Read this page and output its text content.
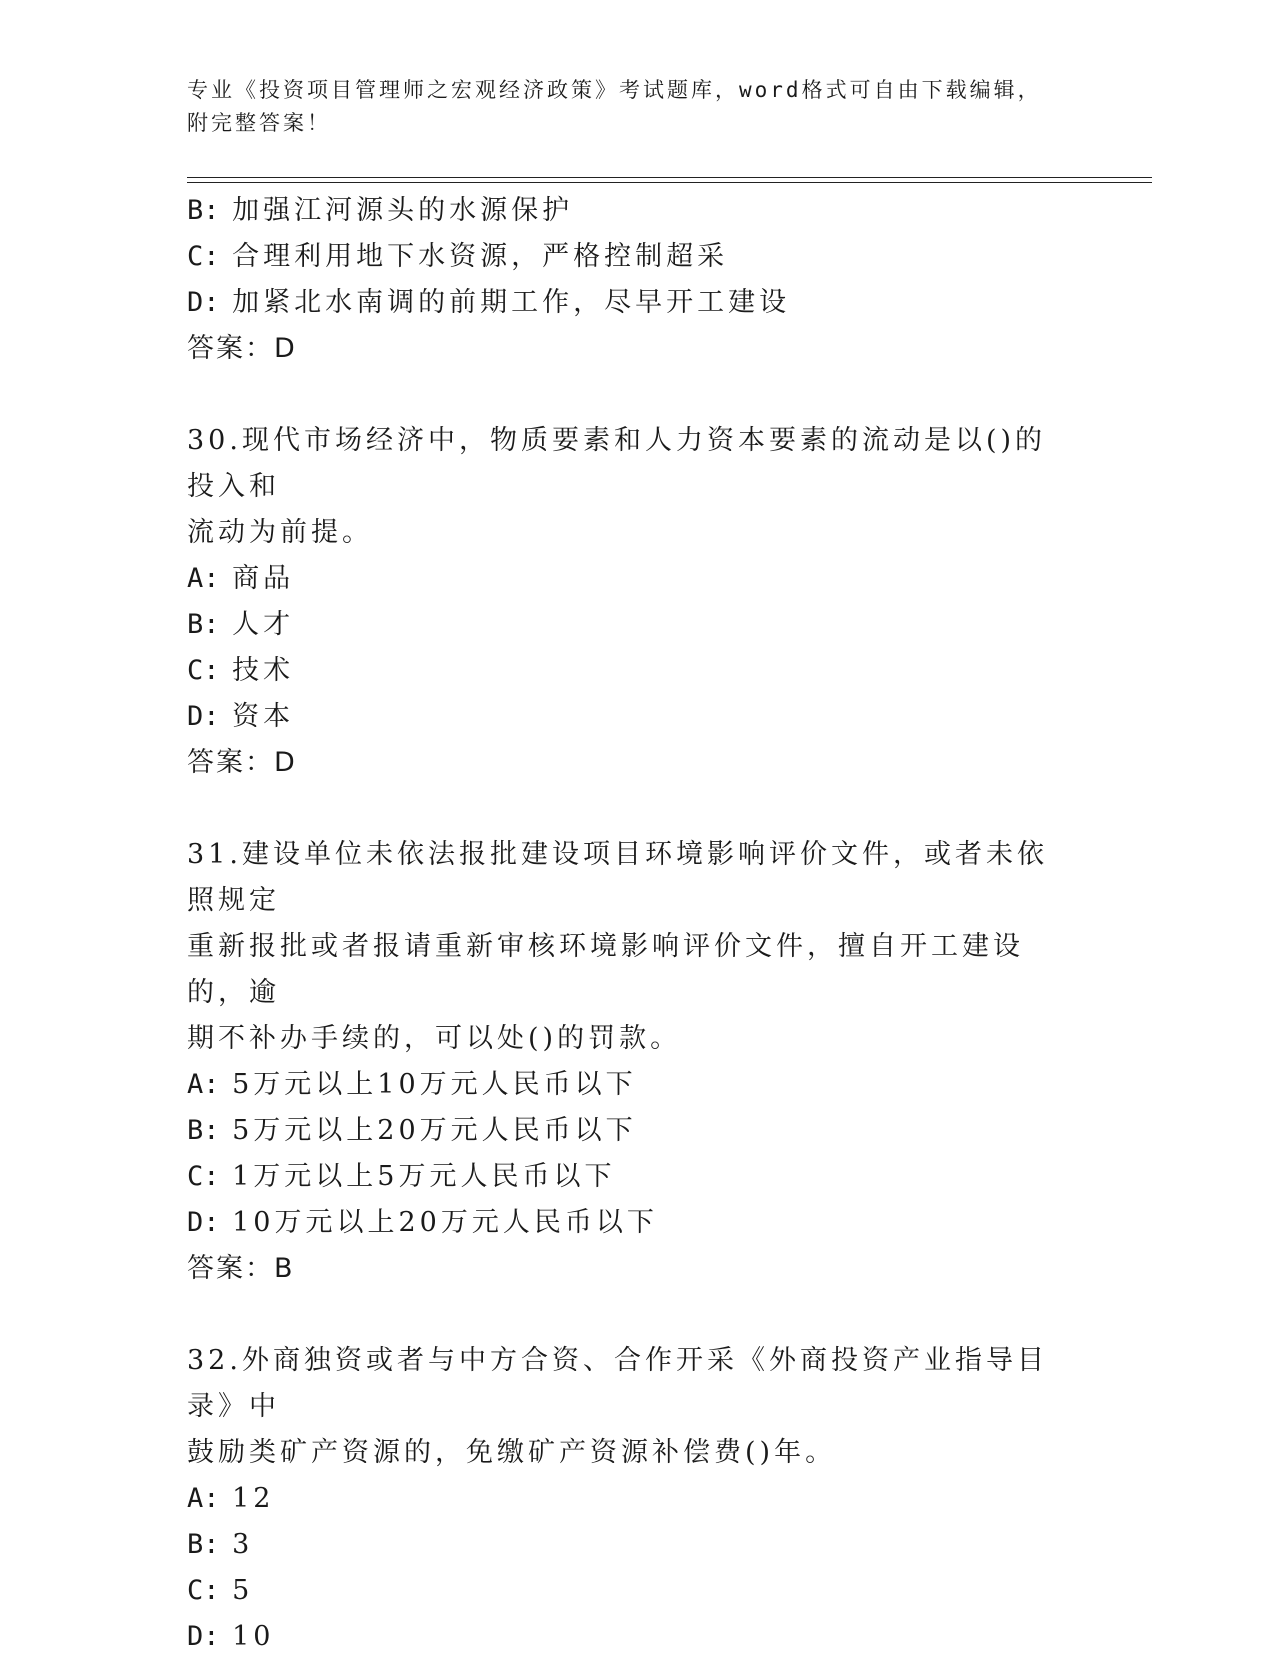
专业《投资项目管理师之宏观经济政策》考试题库，word格式可自由下载编辑，
附完整答案！
B: 加强江河源头的水源保护
C: 合理利用地下水资源，严格控制超采
D: 加紧北水南调的前期工作，尽早开工建设
答案：D
30.现代市场经济中，物质要素和人力资本要素的流动是以()的投入和
流动为前提。
A: 商品
B: 人才
C: 技术
D: 资本
答案：D
31.建设单位未依法报批建设项目环境影响评价文件，或者未依照规定
重新报批或者报请重新审核环境影响评价文件，擅自开工建设的，逾
期不补办手续的，可以处()的罚款。
A: 5万元以上10万元人民币以下
B: 5万元以上20万元人民币以下
C: 1万元以上5万元人民币以下
D: 10万元以上20万元人民币以下
答案：B
32.外商独资或者与中方合资、合作开采《外商投资产业指导目录》中
鼓励类矿产资源的，免缴矿产资源补偿费()年。
A: 12
B: 3
C: 5
D: 10
